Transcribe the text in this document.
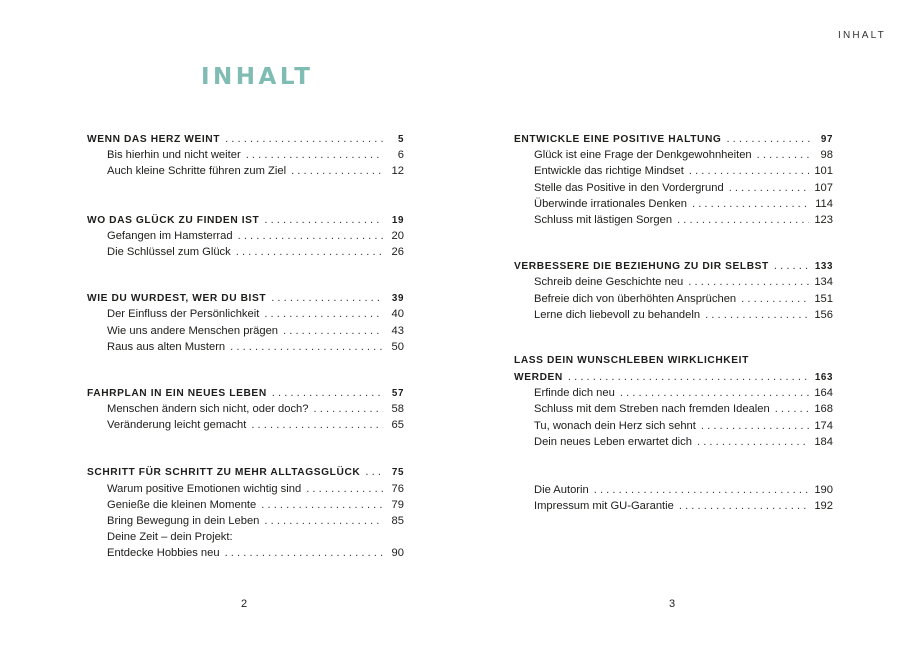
INHALT
INHALT
WENN DAS HERZ WEINT . . .	5
Bis hierhin und nicht weiter . . .	6
Auch kleine Schritte führen zum Ziel . . .	12
WO DAS GLÜCK ZU FINDEN IST . . .	19
Gefangen im Hamsterrad . . .	20
Die Schlüssel zum Glück . . .	26
WIE DU WURDEST, WER DU BIST . . .	39
Der Einfluss der Persönlichkeit . . .	40
Wie uns andere Menschen prägen . . .	43
Raus aus alten Mustern . . .	50
FAHRPLAN IN EIN NEUES LEBEN . . .	57
Menschen ändern sich nicht, oder doch? . . .	58
Veränderung leicht gemacht . . .	65
SCHRITT FÜR SCHRITT ZU MEHR ALLTAGSGLÜCK . . .	75
Warum positive Emotionen wichtig sind . . .	76
Genieße die kleinen Momente . . .	79
Bring Bewegung in dein Leben . . .	85
Deine Zeit – dein Projekt:
Entdecke Hobbies neu . . .	90
ENTWICKLE EINE POSITIVE HALTUNG . . .	97
Glück ist eine Frage der Denkgewohnheiten . . .	98
Entwickle das richtige Mindset . . .	101
Stelle das Positive in den Vordergrund . . .	107
Überwinde irrationales Denken . . .	114
Schluss mit lästigen Sorgen . . .	123
VERBESSERE DIE BEZIEHUNG ZU DIR SELBST . . .	133
Schreib deine Geschichte neu . . .	134
Befreie dich von überhöhten Ansprüchen . . .	151
Lerne dich liebevoll zu behandeln . . .	156
LASS DEIN WUNSCHLEBEN WIRKLICHKEIT
WERDEN . . .	163
Erfinde dich neu . . .	164
Schluss mit dem Streben nach fremden Idealen . . .	168
Tu, wonach dein Herz sich sehnt . . .	174
Dein neues Leben erwartet dich . . .	184
Die Autorin . . .	190
Impressum mit GU-Garantie . . .	192
2	3
